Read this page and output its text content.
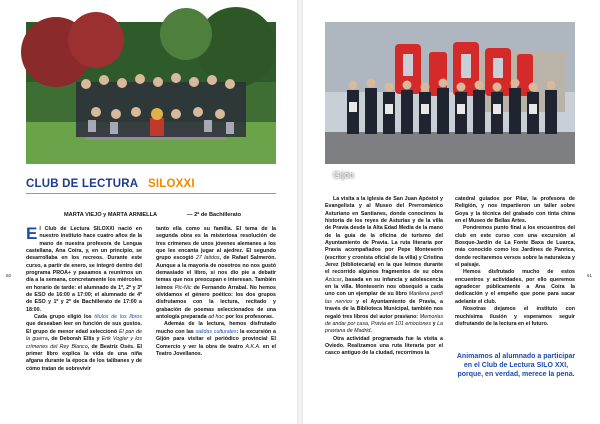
CLUB DE LECTURA SILOXXI
MARTA VIEJO y MARTA ARNIELLA	— 2º de Bachillerato

El Club de Lectura SILOXXI nació en nuestro instituto hace cuatro años de la mano de nuestra profesora de Lengua castellana, Ana Coira, y, en un principio, se desarrollaba en los recreos. Durante este curso, a partir de enero, se integró dentro del programa PROA+ y pasamos a reunirnos un día a la semana, concretamente los miércoles en horario de tarde: el alumnado de 1º, 2º y 3º de ESO de 16:00 a 17:00; el alumnado de 4º de ESO y 1º y 2º de Bachillerato de 17:00 a 18:00.

Cada grupo eligió los títulos de los libros que deseaban leer en función de sus gustos. El grupo de menor edad seleccionó El pan de la guerra, de Deborah Ellis y Erik Vogler y los crímenes del Rey Blanco, de Beatriz Osés. El primer libro explica la vida de una niña afgana durante la época de los talibanes y de cómo tratan de sobrevivir

tanto ella como su familia. El tema de la segunda obra es la misteriosa resolución de tres crímenes de unos jóvenes alemanes a los que les encanta jugar al ajedrez. El segundo grupo escogió 27 latidos, de Rafael Salmerón. Aunque a la mayoría de nosotros no nos gustó demasiado el libro, sí nos dio pie a debatir temas que nos preocupan e interesan. También leímos Pic-Nic de Fernando Arrabal. No hemos olvidamos el género poético: los dos grupos disfrutamos con la lectura, recitado y grabación de poemas seleccionados de una antología preparada ad hoc por los profesoras.

Además de la lectura, hemos disfrutado mucho con las salidas culturales: la excursión a Gijón para visitar el periódico provincial El Comercio y ver la obra de teatro A.K.A. en el Teatro Jovellanos.

60
Gijón

La visita a la iglesia de San Juan Apóstol y Evangelista y al Museo del Prerrománico Asturiano en Santianes, donde conocimos la historia de los reyes de Asturias y de la villa de Pravia desde la Alta Edad Media de la mano de la guía de la oficina de turismo del Ayuntamiento de Pravia. La ruta literaria por Pravia acompañados por Pepe Monteserín (escritor y cronista oficial de la villa) y Cristina Jerez (bibliotecaria) en la que leímos durante el recorrido algunos fragmentos de su obra Azúcar, basada en su infancia y adolescencia en la villa. Monteserín nos obsequió a cada uno con un ejemplar de su libro Marilena perdí las nervios y el Ayuntamiento de Pravia, a través de la Biblioteca Municipal, también nos regaló tres libros del autor praviano: Memorias de andar por casa, Pravia en 101 emociones y La praviana de Madrid.

Otra actividad programada fue la visita a Oviedo. Realizamos una ruta literaria por el casco antiguo de la ciudad, recorrimos la

catedral guiados por Pilar, la profesora de Religión, y nos impartieron un taller sobre Goya y la técnica del grabado con tinta china en el Museo de Bellas Artes.

Pondremos punto final a los encuentros del club en este curso con una excursión al Bosque-Jardín de La Fonte Baxa de Luarca, más conocido como los Jardines de Panrica, donde recitaremos versos sobre la naturaleza y el paisaje.

Hemos disfrutado mucho de estos encuentros y actividades, por ello queremos agradecer públicamente a Ana Coira la dedicación y el empeño que pone para sacar adelante el club.

Nosotras dejamos el instituto con muchísima ilusión y esperamos seguir disfrutando de la lectura en el futuro.

Animamos al alumnado a participar en el Club de Lectura SILO XXI, porque, en verdad, merece la pena.
61
